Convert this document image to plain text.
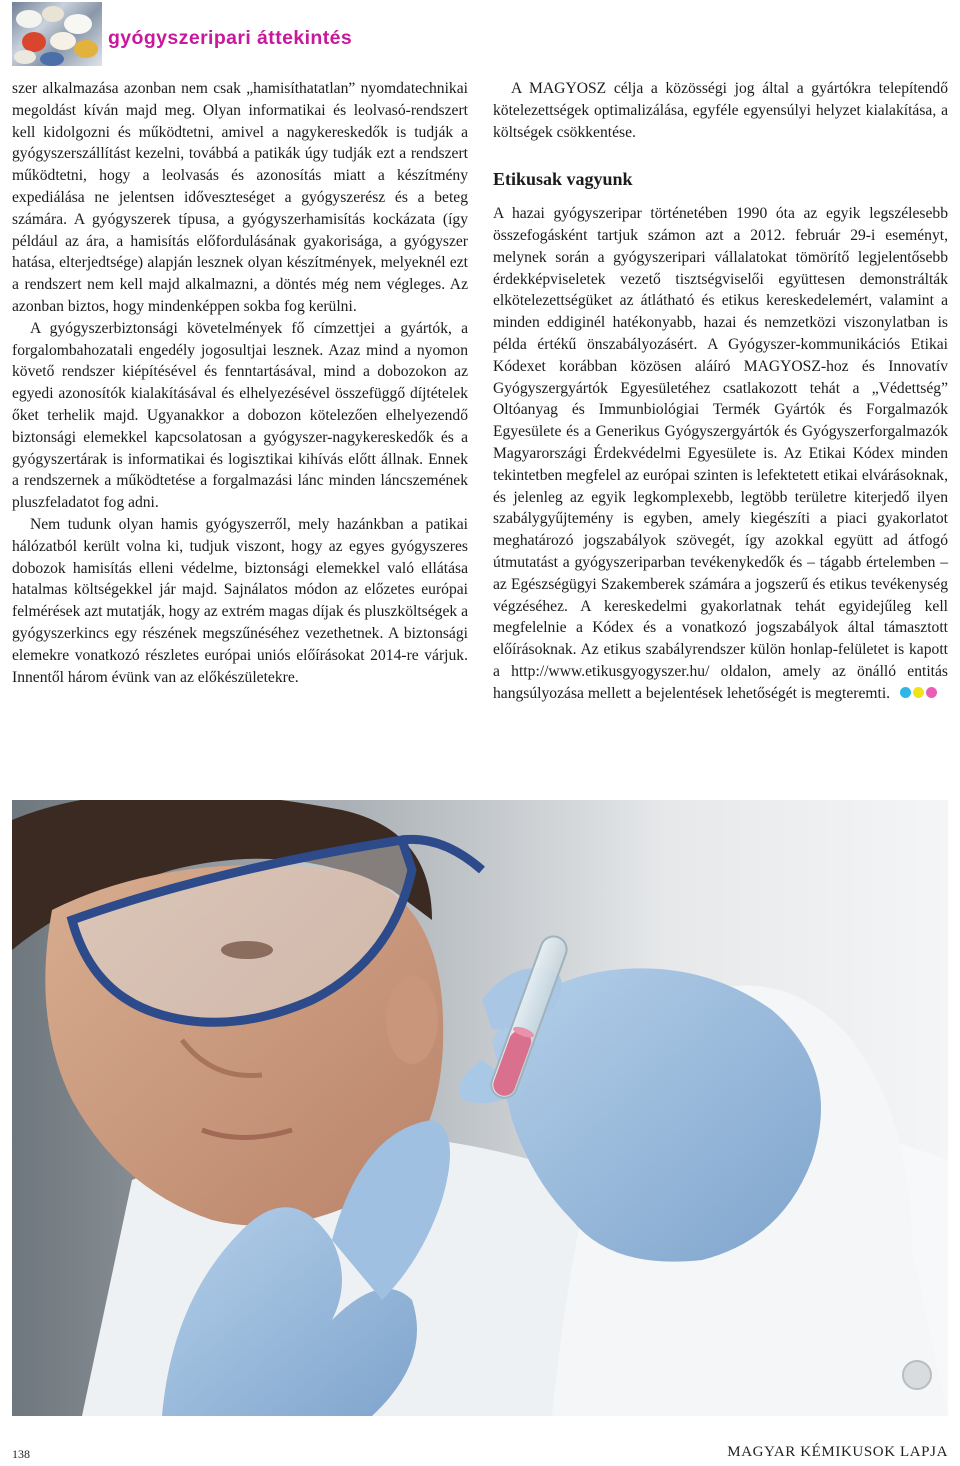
gyógyszeripari áttekintés

szer alkalmazása azonban nem csak „hamisíthatatlan” nyomdatechnikai megoldást kíván majd meg. Olyan informatikai és leolvasó-rendszert kell kidolgozni és működtetni, amivel a nagykereskedők is tudják a gyógyszerszállítást kezelni, továbbá a patikák úgy tudják ezt a rendszert működtetni, hogy a leolvasás és azonosítás miatt a készítmény expediálása ne jelentsen időveszteséget a gyógyszerész és a beteg számára. A gyógyszerek típusa, a gyógyszerhamisítás kockázata (így például az ára, a hamisítás előfordulásának gyakorisága, a gyógyszer hatása, elterjedtsége) alapján lesznek olyan készítmények, melyeknél ezt a rendszert nem kell majd alkalmazni, a döntés még nem végleges. Az azonban biztos, hogy mindenképpen sokba fog kerülni.

A gyógyszerbiztonsági követelmények fő címzettjei a gyártók, a forgalombahozatali engedély jogosultjai lesznek. Azaz mind a nyomon követő rendszer kiépítésével és fenntartásával, mind a dobozokon az egyedi azonosítók kialakításával és elhelyezésével összefüggő díjtételek őket terhelik majd. Ugyanakkor a dobozon kötelezően elhelyezendő biztonsági elemekkel kapcsolatosan a gyógyszer-nagykereskedők és a gyógyszertárak is informatikai és logisztikai kihívás előtt állnak. Ennek a rendszernek a működtetése a forgalmazási lánc minden láncszemének pluszfeladatot fog adni.

Nem tudunk olyan hamis gyógyszerről, mely hazánkban a patikai hálózatból került volna ki, tudjuk viszont, hogy az egyes gyógyszeres dobozok hamisítás elleni védelme, biztonsági elemekkel való ellátása hatalmas költségekkel jár majd. Sajnálatos módon az előzetes európai felmérések azt mutatják, hogy az extrém magas díjak és pluszköltségek a gyógyszerkincs egy részének megszűnéséhez vezethetnek. A biztonsági elemekre vonatkozó részletes európai uniós előírásokat 2014-re várjuk. Innentől három évünk van az előkészületekre.

A MAGYOSZ célja a közösségi jog által a gyártókra telepítendő kötelezettségek optimalizálása, egyféle egyensúlyi helyzet kialakítása, a költségek csökkentése.

Etikusak vagyunk

A hazai gyógyszeripar történetében 1990 óta az egyik legszélesebb összefogásként tartjuk számon azt a 2012. február 29-i eseményt, melynek során a gyógyszeripari vállalatokat tömörítő legjelentősebb érdekképviseletek vezető tisztségviselői együttesen demonstrálták elkötelezettségüket az átlátható és etikus kereskedelemért, valamint a minden eddiginél hatékonyabb, hazai és nemzetközi viszonylatban is példa értékű önszabályozásért. A Gyógyszer-kommunikációs Etikai Kódexet korábban közösen aláíró MAGYOSZ-hoz és Innovatív Gyógyszergyártók Egyesületéhez csatlakozott tehát a „Védettség” Oltóanyag és Immunbiológiai Termék Gyártók és Forgalmazók Egyesülete és a Generikus Gyógyszergyártók és Gyógyszerforgalmazók Magyarországi Érdekvédelmi Egyesülete is. Az Etikai Kódex minden tekintetben megfelel az európai szinten is lefektetett etikai elvárásoknak, és jelenleg az egyik legkomplexebb, legtöbb területre kiterjedő ilyen szabálygyűjtemény is egyben, amely kiegészíti a piaci gyakorlatot meghatározó jogszabályok szövegét, így azokkal együtt ad átfogó útmutatást a gyógyszeriparban tevékenykedők és – tágabb értelemben – az Egészségügyi Szakemberek számára a jogszerű és etikus tevékenység végzéséhez. A kereskedelmi gyakorlatnak tehát egyidejűleg kell megfelelnie a Kódex és a vonatkozó jogszabályok által támasztott előírásoknak. Az etikus szabályrendszer külön honlap-felületet is kapott a http://www.etikusgyogyszer.hu/ oldalon, amely az önálló entitás hangsúlyozása mellett a bejelentések lehetőségét is megteremti.

138	MAGYAR KÉMIKUSOK LAPJA
